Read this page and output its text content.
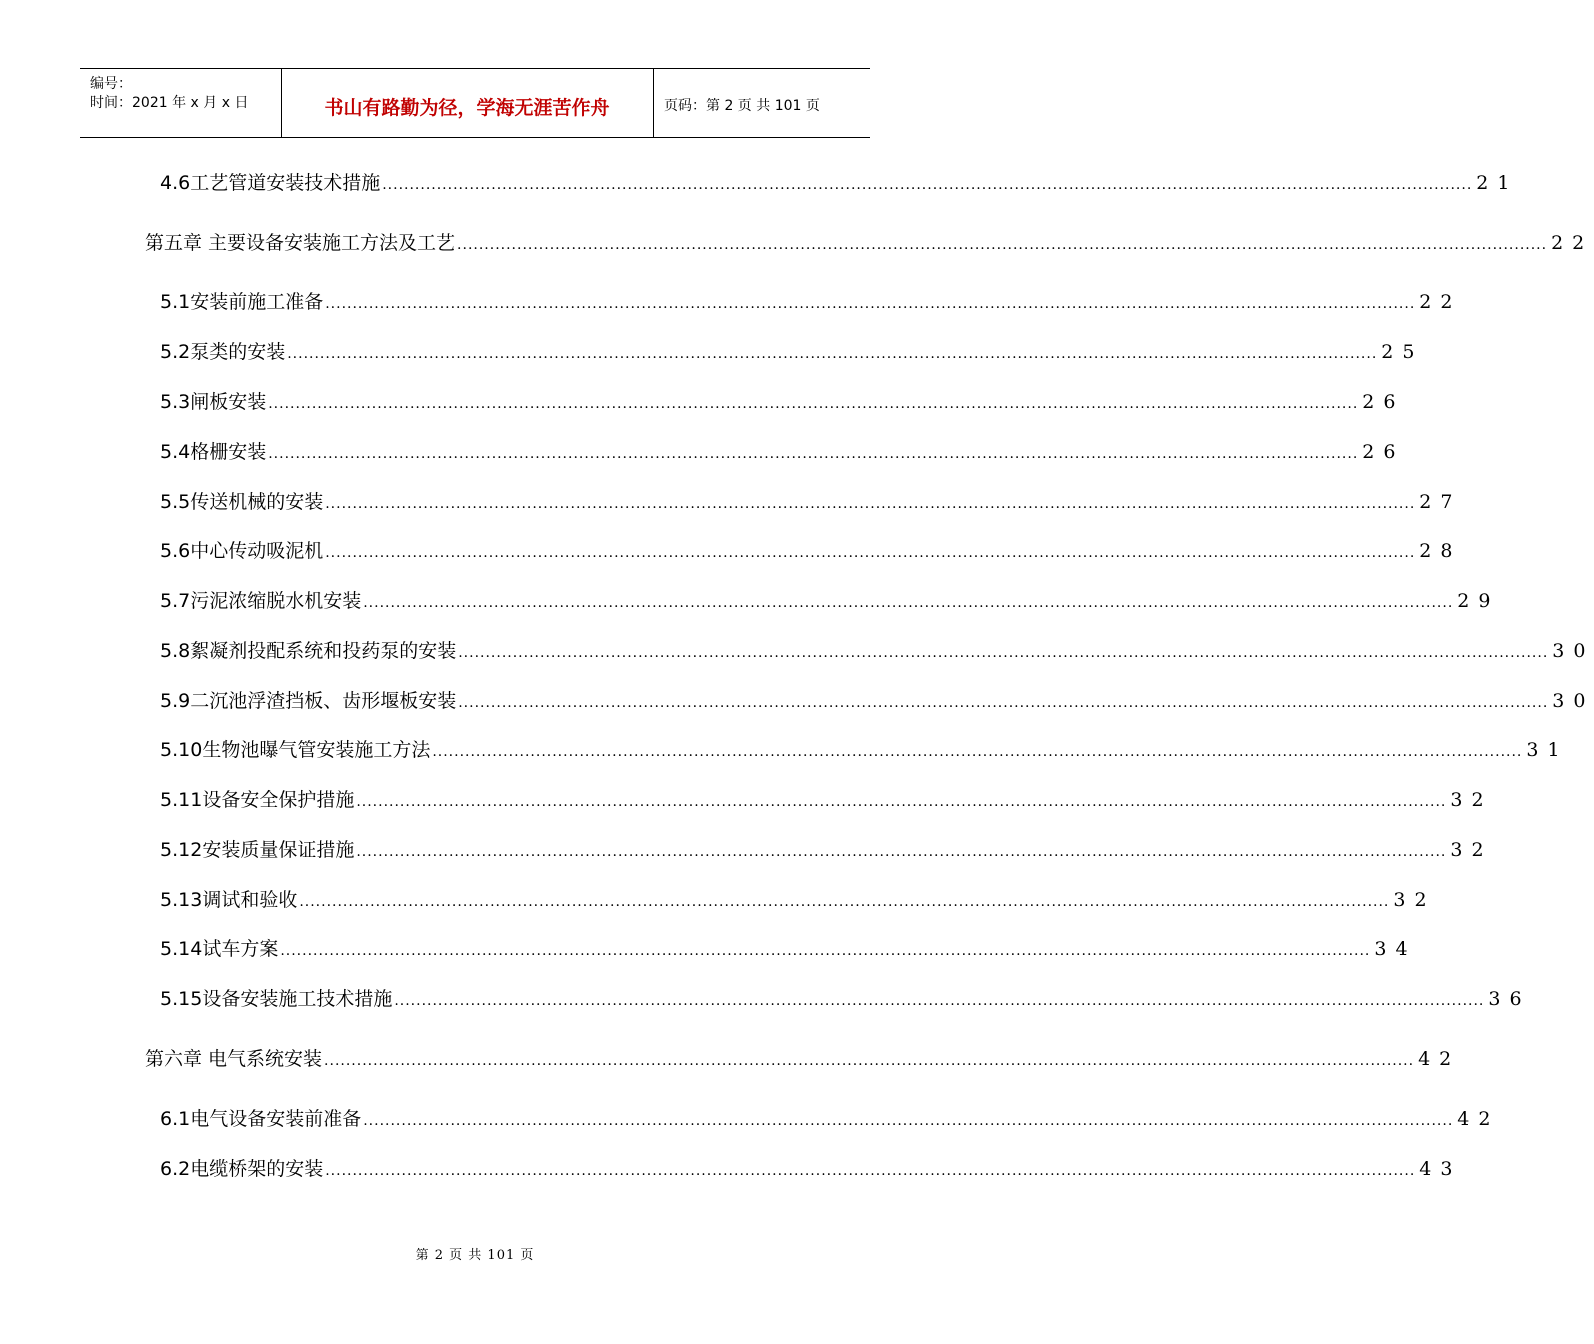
编号：
时间：2021 年 x 月 x 日	书山有路勤为径，学海无涯苦作舟	页码：第 2 页 共 101 页
4.6工艺管道安装技术措施 ........................................................................................................................................................................................................ 21
第五章 主要设备安装施工方法及工艺 ........................................................................................................................................................................................................ 22
5.1安装前施工准备 ........................................................................................................................................................................................................ 22
5.2泵类的安装 ........................................................................................................................................................................................................ 25
5.3闸板安装 ........................................................................................................................................................................................................ 26
5.4格栅安装 ........................................................................................................................................................................................................ 26
5.5传送机械的安装 ........................................................................................................................................................................................................ 27
5.6中心传动吸泥机 ........................................................................................................................................................................................................ 28
5.7污泥浓缩脱水机安装 ........................................................................................................................................................................................................ 29
5.8絮凝剂投配系统和投药泵的安装 ........................................................................................................................................................................................................ 30
5.9二沉池浮渣挡板、齿形堰板安装 ........................................................................................................................................................................................................ 30
5.10生物池曝气管安装施工方法 ........................................................................................................................................................................................................ 31
5.11设备安全保护措施 ........................................................................................................................................................................................................ 32
5.12安装质量保证措施 ........................................................................................................................................................................................................ 32
5.13调试和验收 ........................................................................................................................................................................................................ 32
5.14试车方案 ........................................................................................................................................................................................................ 34
5.15设备安装施工技术措施 ........................................................................................................................................................................................................ 36
第六章 电气系统安装 ........................................................................................................................................................................................................ 42
6.1电气设备安装前准备 ........................................................................................................................................................................................................ 42
6.2电缆桥架的安装 ........................................................................................................................................................................................................ 43
第 2 页 共 101 页
